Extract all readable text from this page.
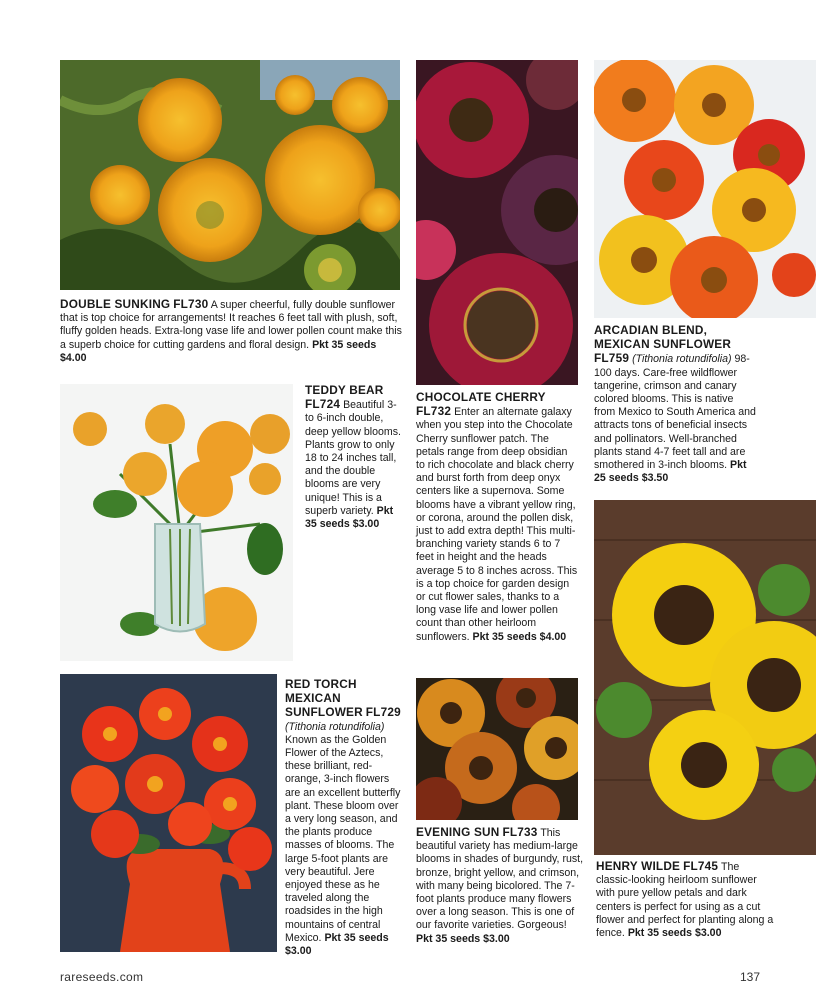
DOUBLE SUNKING FL730 A super cheerful, fully double sunflower that is top choice for arrangements! It reaches 6 feet tall with plush, soft, fluffy golden heads. Extra-long vase life and lower pollen count make this a superb choice for cutting gardens and floral design. Pkt 35 seeds $4.00
TEDDY BEAR FL724 Beautiful 3- to 6-inch double, deep yellow blooms. Plants grow to only 18 to 24 inches tall, and the double blooms are very unique! This is a superb variety. Pkt 35 seeds $3.00
CHOCOLATE CHERRY FL732 Enter an alternate galaxy when you step into the Chocolate Cherry sunflower patch. The petals range from deep obsidian to rich chocolate and black cherry and burst forth from deep onyx centers like a supernova. Some blooms have a vibrant yellow ring, or corona, around the pollen disk, just to add extra depth! This multi-branching variety stands 6 to 7 feet in height and the heads average 5 to 8 inches across. This is a top choice for garden design or cut flower sales, thanks to a long vase life and lower pollen count than other heirloom sunflowers. Pkt 35 seeds $4.00
ARCADIAN BLEND, MEXICAN SUNFLOWER FL759 (Tithonia rotundifolia) 98-100 days. Care-free wildflower tangerine, crimson and canary colored blooms. This is native from Mexico to South America and attracts tons of beneficial insects and pollinators. Well-branched plants stand 4-7 feet tall and are smothered in 3-inch blooms. Pkt 25 seeds $3.50
RED TORCH MEXICAN SUNFLOWER FL729 (Tithonia rotundifolia) Known as the Golden Flower of the Aztecs, these brilliant, red-orange, 3-inch flowers are an excellent butterfly plant. These bloom over a very long season, and the plants produce masses of blooms. The large 5-foot plants are very beautiful. Jere enjoyed these as he traveled along the roadsides in the high mountains of central Mexico. Pkt 35 seeds $3.00
EVENING SUN FL733 This beautiful variety has medium-large blooms in shades of burgundy, rust, bronze, bright yellow, and crimson, with many being bicolored. The 7-foot plants produce many flowers over a long season. This is one of our favorite varieties. Gorgeous! Pkt 35 seeds $3.00
HENRY WILDE FL745 The classic-looking heirloom sunflower with pure yellow petals and dark centers is perfect for using as a cut flower and perfect for planting along a fence. Pkt 35 seeds $3.00
rareseeds.com	137
